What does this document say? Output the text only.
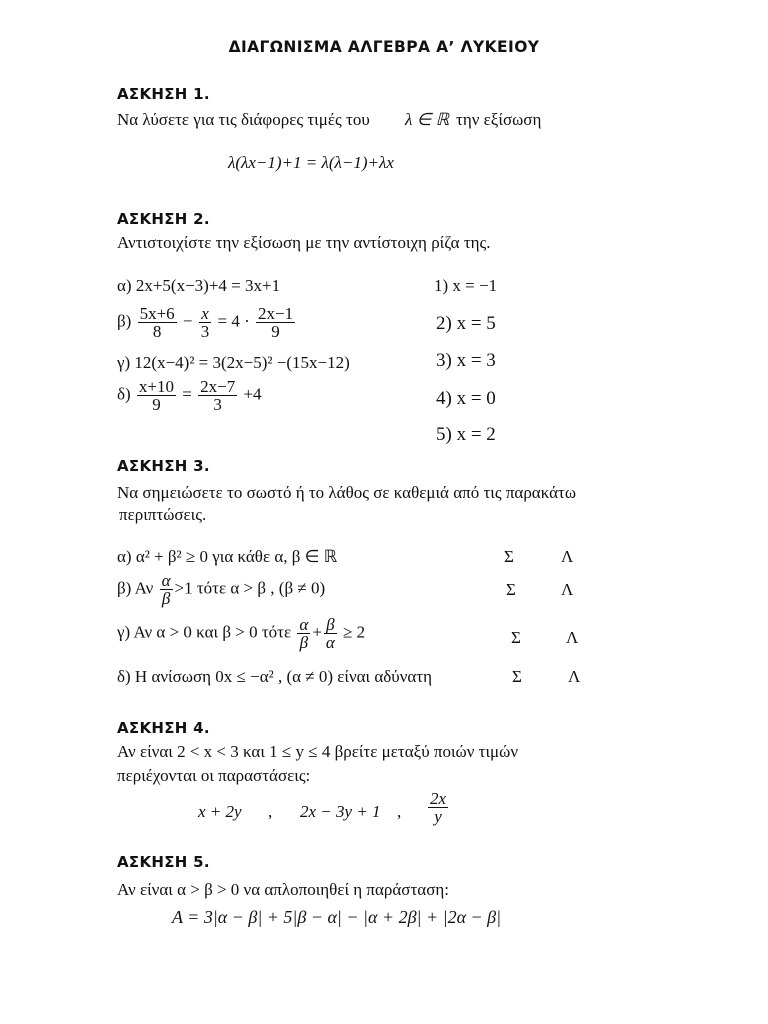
ΔΙΑΓΩΝΙΣΜΑ ΑΛΓΕΒΡΑ Α’ ΛΥΚΕΙΟΥ
ΑΣΚΗΣΗ 1.
Να λύσετε για τις διάφορες τιμές του λ ∈ ℝ την εξίσωση
λ(λx−1)+1 = λ(λ−1)+λx
ΑΣΚΗΣΗ 2.
Αντιστοιχίστε την εξίσωση με την αντίστοιχη ρίζα της.
α) 2x+5(x−3)+4 = 3x+1
$\beta) \frac{5x+6}{8} - \frac{x}{3} = 4 \cdot \frac{2x-1}{9}$
γ) 12(x−4)² = 3(2x−5)² −(15x−12)
$\delta) \frac{x+10}{9} = \frac{2x-7}{3} +4$
1) x = −1
2) x = 5
3) x = 3
4) x = 0
5) x = 2
ΑΣΚΗΣΗ 3.
Να σημειώσετε το σωστό ή το λάθος σε καθεμιά από τις παρακάτω
περιπτώσεις.
α) α² + β² ≥ 0 για κάθε α, β ∈ ℝ	Σ	Λ
β) Αν $\frac{\alpha}{\beta} >1$ τότε α > β , (β ≠ 0)	Σ	Λ
γ) Αν α > 0 και β > 0 τότε $\frac{\alpha}{\beta} + \frac{\beta}{\alpha} \ge 2$	Σ	Λ
δ) Η ανίσωση 0x ≤ −α² , (α ≠ 0) είναι αδύνατη	Σ	Λ
ΑΣΚΗΣΗ 4.
Αν είναι 2 < x < 3 και 1 ≤ y ≤ 4 βρείτε μεταξύ ποιών τιμών
περιέχονται οι παραστάσεις:
x + 2y , 2x − 3y + 1 , $\frac{2x}{y}$
ΑΣΚΗΣΗ 5.
Αν είναι α > β > 0 να απλοποιηθεί η παράσταση:
Α = 3|α − β| + 5|β − α| − |α + 2β| + |2α − β|
